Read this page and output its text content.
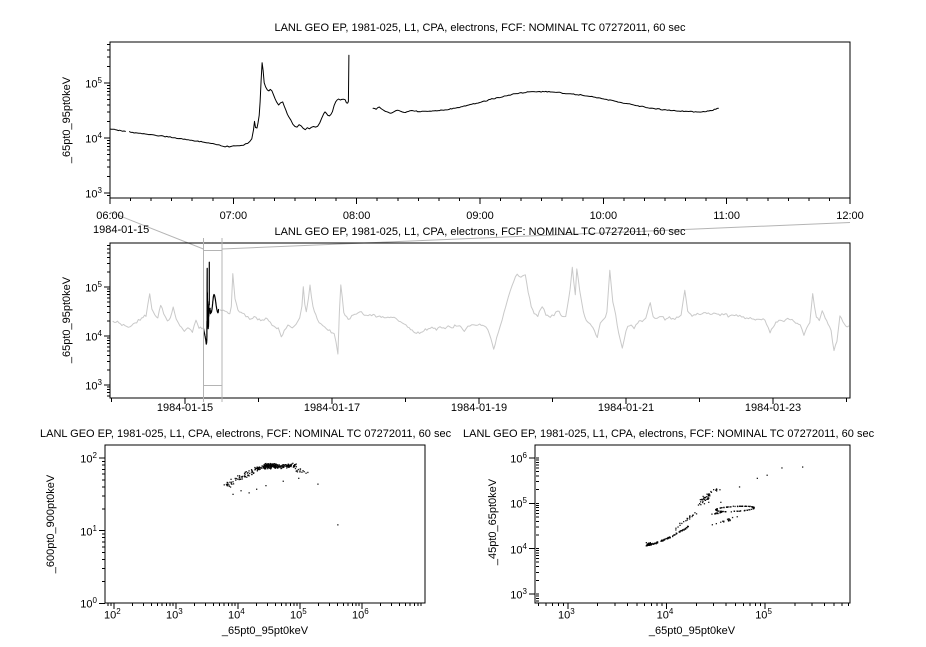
LANL GEO EP, 1981-025, L1, CPA, electrons, FCF: NOMINAL TC 07272011, 60 sec
1984-01-15
_65pt0_95pt0keV
LANL GEO EP, 1981-025, L1, CPA, electrons, FCF: NOMINAL TC 07272011, 60 sec
_65pt0_95pt0keV
LANL GEO EP, 1981-025, L1, CPA, electrons, FCF: NOMINAL TC 07272011, 60 sec LANL GEO EP, 1981-025, L1, CPA, electrons, FCF: NOMINAL TC 07272011, 60 sec
_600pt0_900pt0keV
_65pt0_95pt0keV
_45pt0_65pt0keV
_65pt0_95pt0keV
06:00	07:00	08:00	09:00	10:00	11:00	12:00
$10^3$
$10^4$
$10^5$
1984-01-15	1984-01-17	1984-01-19	1984-01-21	1984-01-23
$10^3$
$10^4$
$10^5$
$10^0$
$10^1$
$10^2$
$10^2$	$10^3$	$10^4$	$10^5$	$10^6$
$10^3$
$10^4$
$10^5$
$10^6$
$10^3$	$10^4$	$10^5$
